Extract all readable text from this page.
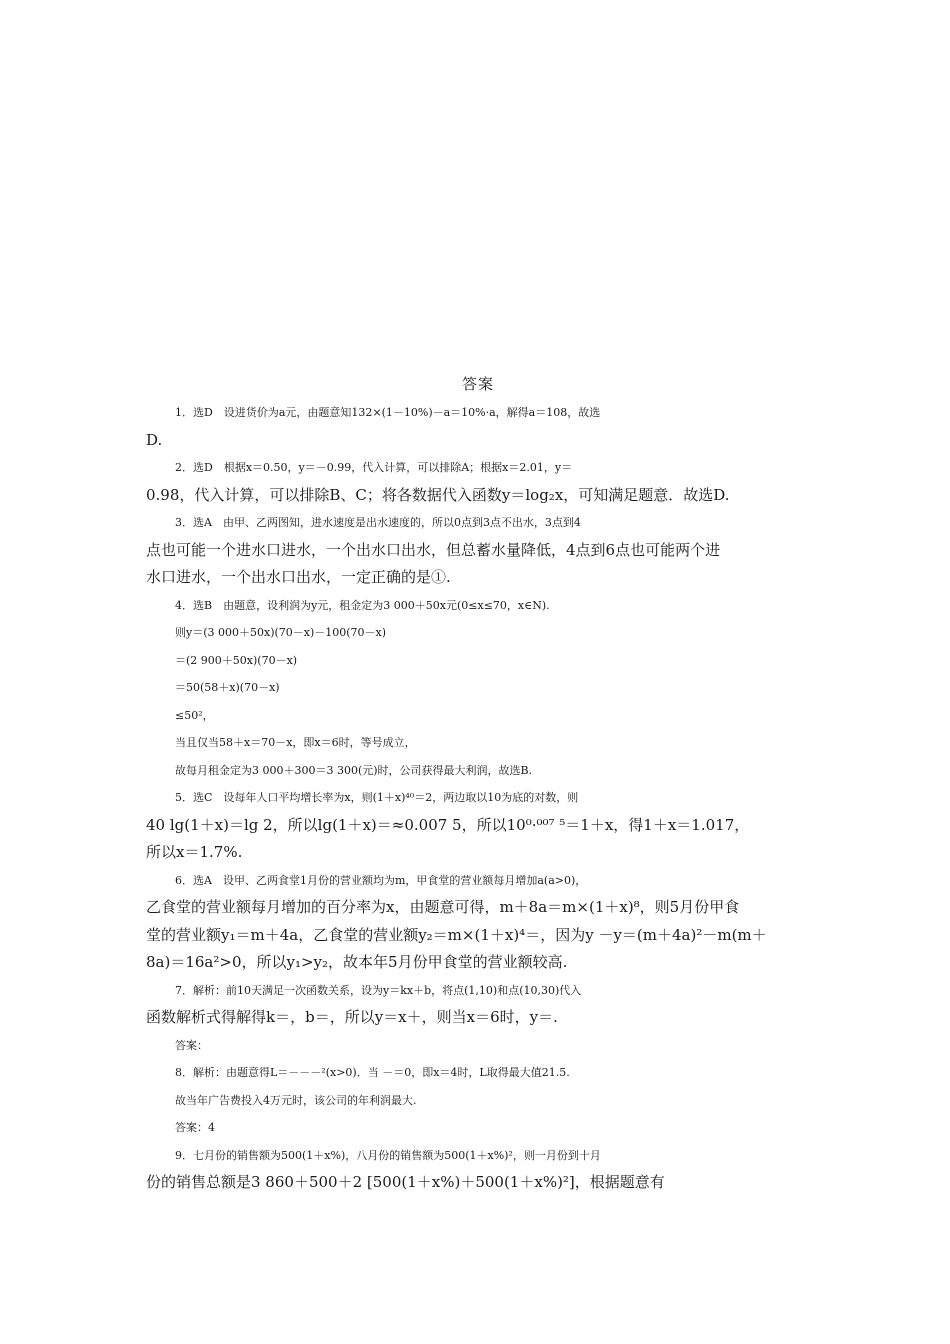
答案
1．选D　设进货价为a元，由题意知132×(1－10%)－a＝10%·a，解得a＝108，故选
D.
2．选D　根据x＝0.50，y＝－0.99，代入计算，可以排除A；根据x＝2.01，y＝
0.98，代入计算，可以排除B、C；将各数据代入函数y＝log₂x，可知满足题意．故选D.
3．选A　由甲、乙两图知，进水速度是出水速度的，所以0点到3点不出水，3点到4
点也可能一个进水口进水，一个出水口出水，但总蓄水量降低，4点到6点也可能两个进
水口进水，一个出水口出水，一定正确的是①.
4．选B　由题意，设利润为y元，租金定为3 000＋50x元(0≤x≤70，x∈N).
则y＝(3 000＋50x)(70－x)－100(70－x)
＝(2 900＋50x)(70－x)
＝50(58＋x)(70－x)
≤50²，
当且仅当58＋x＝70－x，即x＝6时，等号成立，
故每月租金定为3 000＋300＝3 300(元)时，公司获得最大利润，故选B.
5．选C　设每年人口平均增长率为x，则(1＋x)⁴⁰＝2，两边取以10为底的对数，则
40 lg(1＋x)＝lg 2，所以lg(1＋x)＝≈0.007 5，所以10⁰·⁰⁰⁷ ⁵＝1＋x，得1＋x＝1.017，
所以x＝1.7%.
6．选A　设甲、乙两食堂1月份的营业额均为m，甲食堂的营业额每月增加a(a>0)，
乙食堂的营业额每月增加的百分率为x，由题意可得，m＋8a＝m×(1＋x)⁸，则5月份甲食
堂的营业额y₁＝m＋4a，乙食堂的营业额y₂＝m×(1＋x)⁴＝，因为y －y＝(m＋4a)²－m(m＋
8a)＝16a²>0，所以y₁>y₂，故本年5月份甲食堂的营业额较高.
7．解析：前10天满足一次函数关系，设为y＝kx＋b，将点(1,10)和点(10,30)代入
函数解析式得解得k＝，b＝，所以y＝x＋，则当x＝6时，y＝.
答案：
8．解析：由题意得L＝－－－²(x>0)．当 －＝0，即x＝4时，L取得最大值21.5.
故当年广告费投入4万元时，该公司的年利润最大.
答案：4
9．七月份的销售额为500(1＋x%)，八月份的销售额为500(1＋x%)²，则一月份到十月
份的销售总额是3 860＋500＋2 [500(1＋x%)＋500(1＋x%)²]，根据题意有
